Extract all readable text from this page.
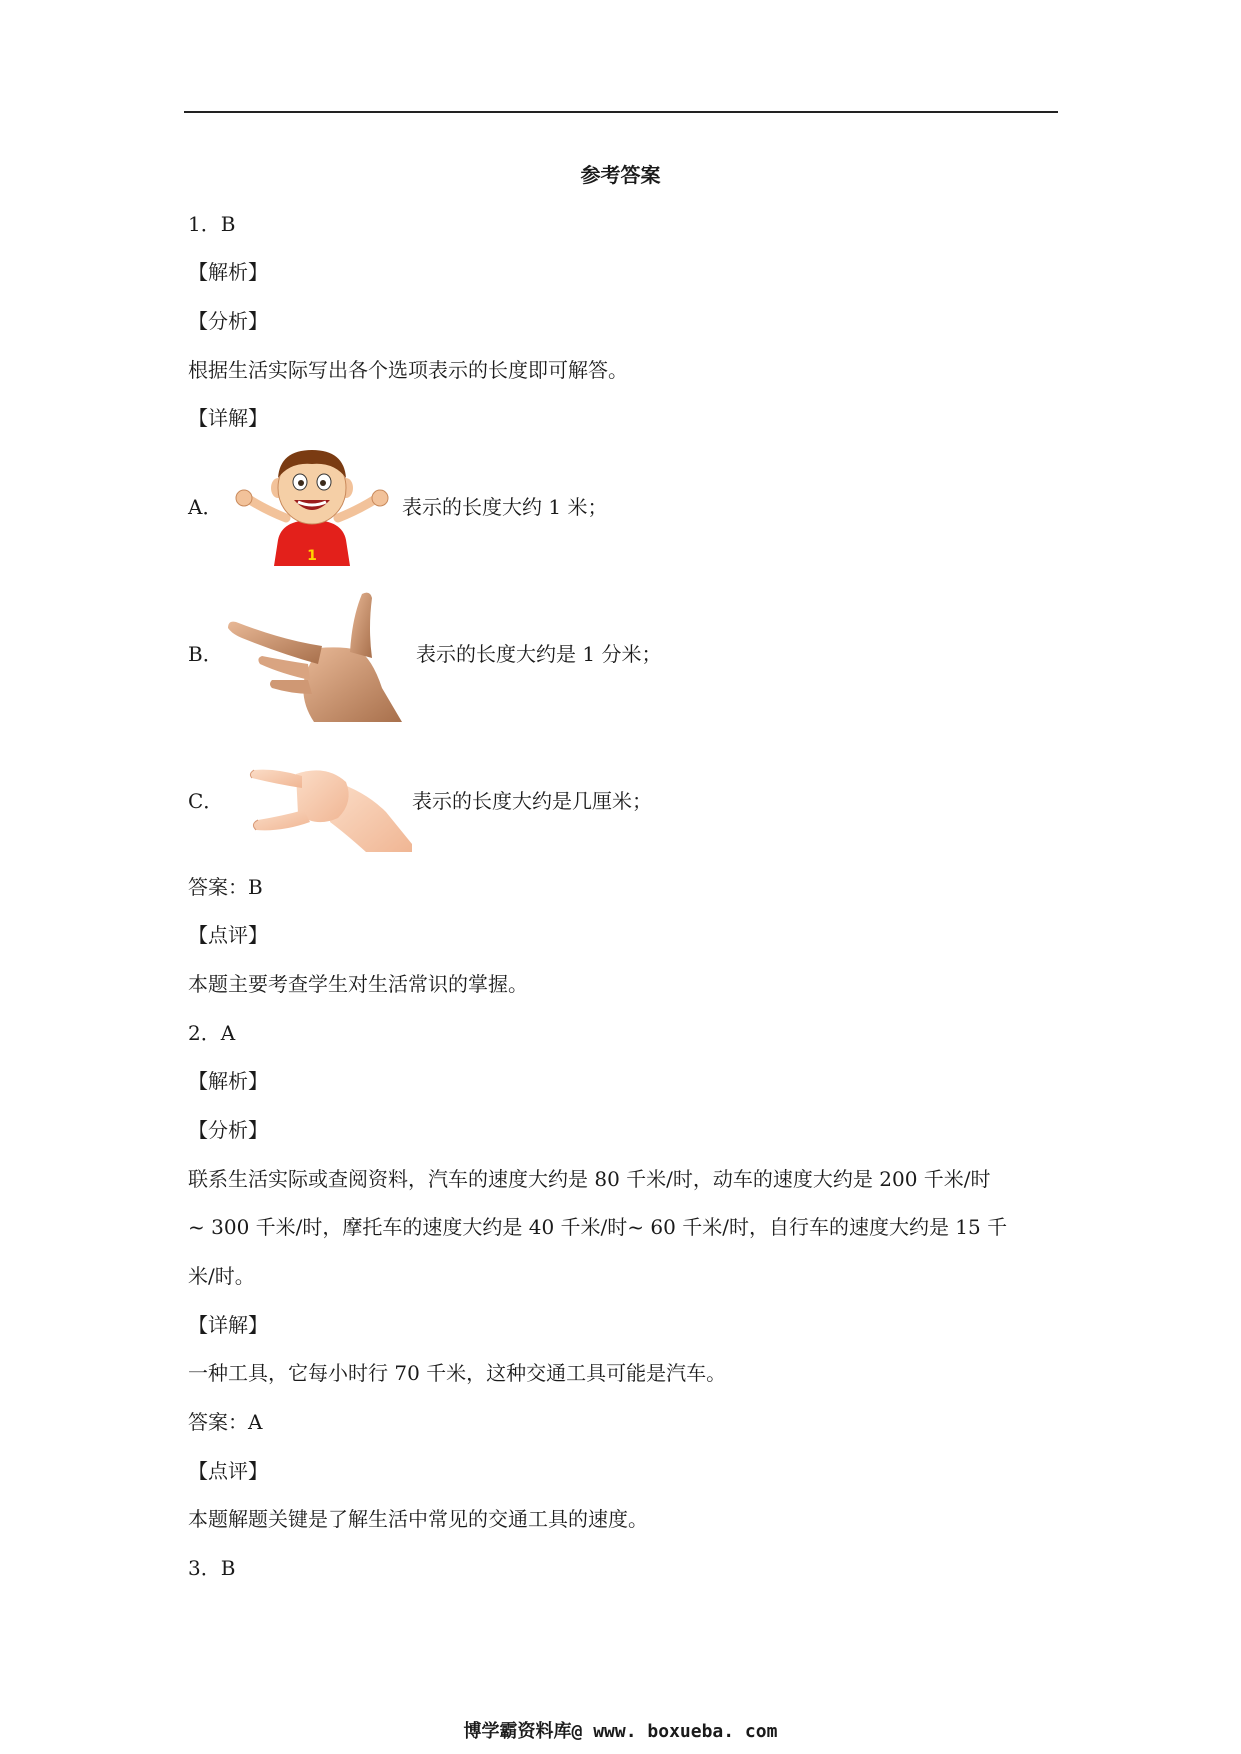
参考答案
1．B
【解析】
【分析】
根据生活实际写出各个选项表示的长度即可解答。
【详解】
A．
1
表示的长度大约 1 米；
B．	表示的长度大约是 1 分米；
C．	表示的长度大约是几厘米；
答案：B
【点评】
本题主要考查学生对生活常识的掌握。
2．A
【解析】
【分析】
联系生活实际或查阅资料，汽车的速度大约是 80 千米/时，动车的速度大约是 200 千米/时
~ 300 千米/时，摩托车的速度大约是 40 千米/时~ 60 千米/时，自行车的速度大约是 15 千
米/时。
【详解】
一种工具，它每小时行 70 千米，这种交通工具可能是汽车。
答案：A
【点评】
本题解题关键是了解生活中常见的交通工具的速度。
3．B
博学霸资料库@ www. boxueba. com
